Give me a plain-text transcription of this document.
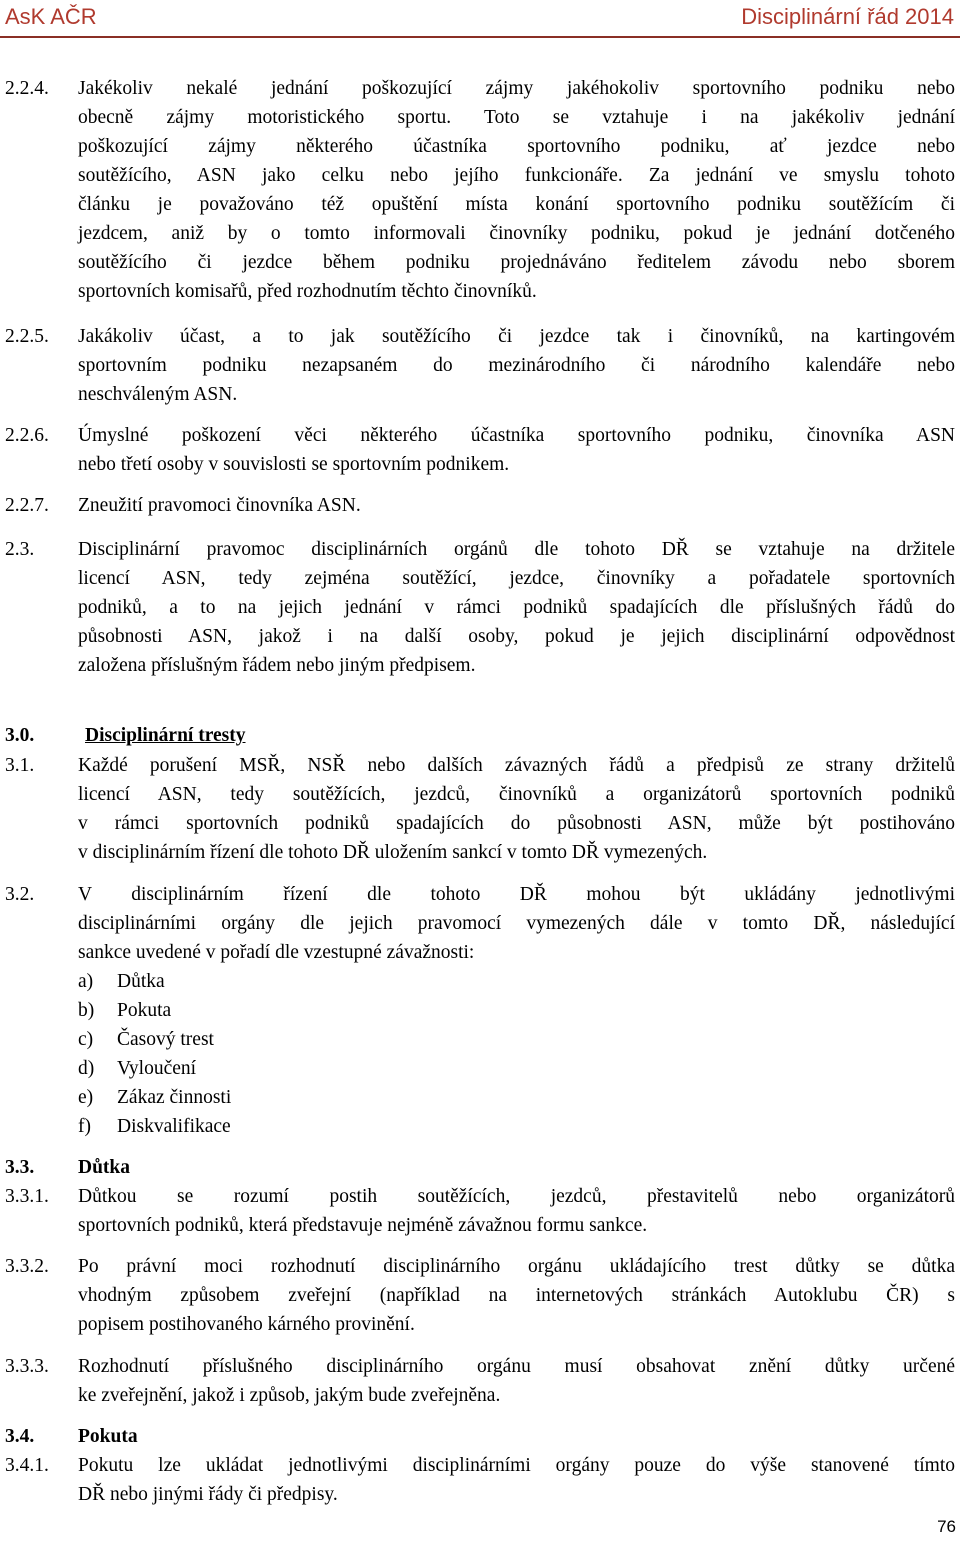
AsK AČR	Disciplinární řád 2014
2.2.4. Jakékoliv nekalé jednání poškozující zájmy jakéhokoliv sportovního podniku nebo
obecně zájmy motoristického sportu. Toto se vztahuje i na jakékoliv jednání
poškozující zájmy některého účastníka sportovního podniku, ať jezdce nebo
soutěžícího, ASN jako celku nebo jejího funkcionáře. Za jednání ve smyslu tohoto
článku je považováno též opuštění místa konání sportovního podniku soutěžícím či
jezdcem, aniž by o tomto informovali činovníky podniku, pokud je jednání dotčeného
soutěžícího či jezdce během podniku projednáváno ředitelem závodu nebo sborem
sportovních komisařů, před rozhodnutím těchto činovníků.
2.2.5. Jakákoliv účast, a to jak soutěžícího či jezdce tak i činovníků, na kartingovém
sportovním podniku nezapsaném do mezinárodního či národního kalendáře nebo
neschváleným ASN.
2.2.6. Úmyslné poškození věci některého účastníka sportovního podniku, činovníka ASN
nebo třetí osoby v souvislosti se sportovním podnikem.
2.2.7. Zneužití pravomoci činovníka ASN.
2.3. Disciplinární pravomoc disciplinárních orgánů dle tohoto DŘ se vztahuje na držitele
licencí ASN, tedy zejména soutěžící, jezdce, činovníky a pořadatele sportovních
podniků, a to na jejich jednání v rámci podniků spadajících dle příslušných řádů do
působnosti ASN, jakož i na další osoby, pokud je jejich disciplinární odpovědnost
založena příslušným řádem nebo jiným předpisem.
3.0.	Disciplinární tresty
3.1. Každé porušení MSŘ, NSŘ nebo dalších závazných řádů a předpisů ze strany držitelů
licencí ASN, tedy soutěžících, jezdců, činovníků a organizátorů sportovních podniků
v rámci sportovních podniků spadajících do působnosti ASN, může být postihováno
v disciplinárním řízení dle tohoto DŘ uložením sankcí v tomto DŘ vymezených.
3.2. V disciplinárním řízení dle tohoto DŘ mohou být ukládány jednotlivými
disciplinárními orgány dle jejich pravomocí vymezených dále v tomto DŘ, následující
sankce uvedené v pořadí dle vzestupné závažnosti:
a)	Důtka
b)	Pokuta
c)	Časový trest
d)	Vyloučení
e)	Zákaz činnosti
f)	Diskvalifikace
3.3. Důtka
3.3.1. Důtkou se rozumí postih soutěžících, jezdců, přestavitelů nebo organizátorů
sportovních podniků, která představuje nejméně závažnou formu sankce.
3.3.2. Po právní moci rozhodnutí disciplinárního orgánu ukládajícího trest důtky se důtka
vhodným způsobem zveřejní (například na internetových stránkách Autoklubu ČR) s
popisem postihovaného kárného provinění.
3.3.3. Rozhodnutí příslušného disciplinárního orgánu musí obsahovat znění důtky určené
ke zveřejnění, jakož i způsob, jakým bude zveřejněna.
3.4. Pokuta
3.4.1. Pokutu lze ukládat jednotlivými disciplinárními orgány pouze do výše stanovené tímto
DŘ nebo jinými řády či předpisy.
76
